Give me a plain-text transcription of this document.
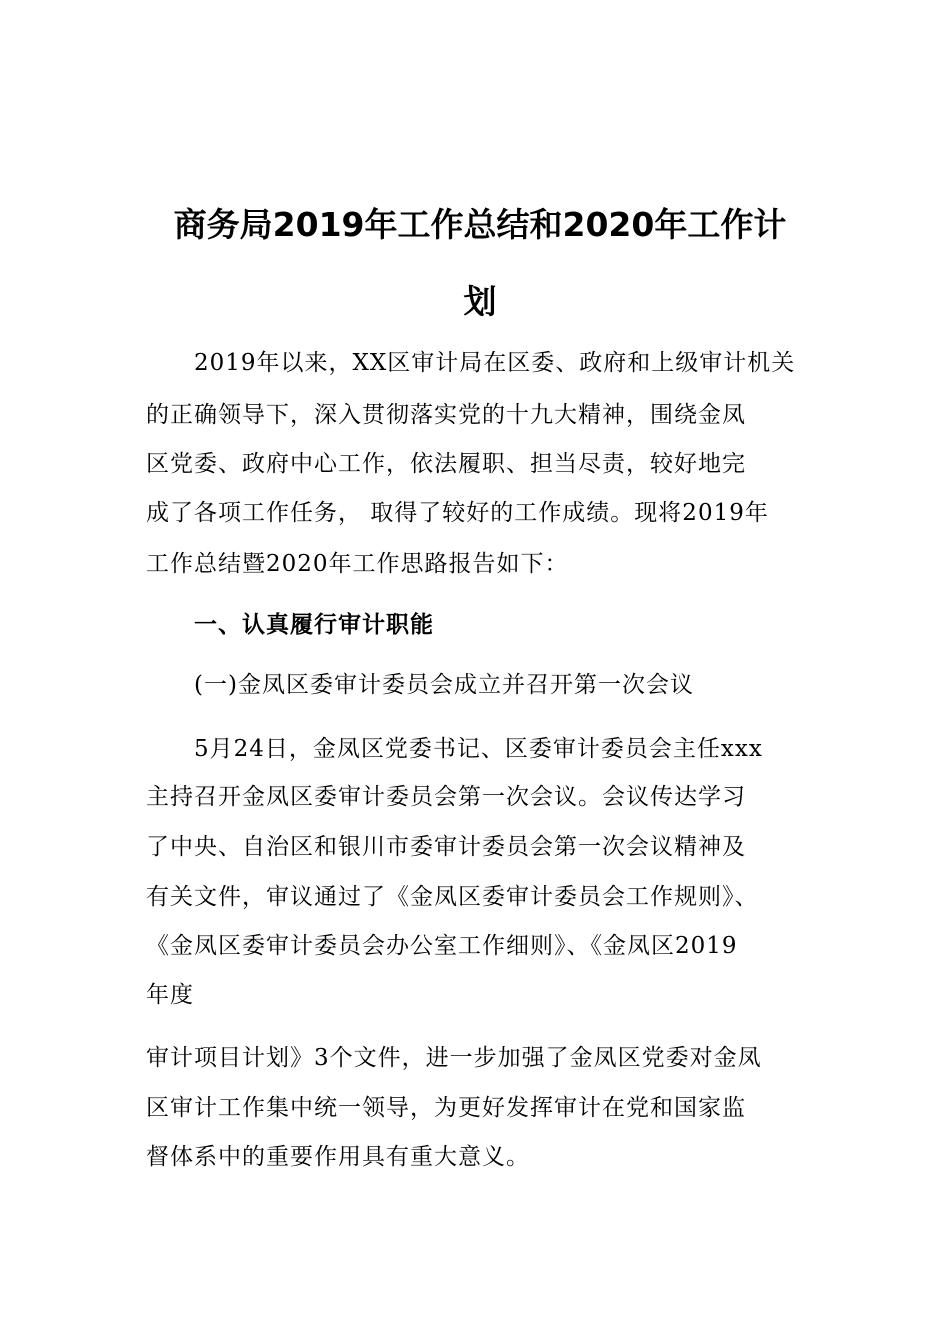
商务局2019年工作总结和2020年工作计
划
2019年以来，XX区审计局在区委、政府和上级审计机关
的正确领导下，深入贯彻落实党的十九大精神，围绕金凤
区党委、政府中心工作，依法履职、担当尽责，较好地完
成了各项工作任务， 取得了较好的工作成绩。现将2019年
工作总结暨2020年工作思路报告如下：
一、认真履行审计职能
(一)金凤区委审计委员会成立并召开第一次会议
5月24日，金凤区党委书记、区委审计委员会主任xxx
主持召开金凤区委审计委员会第一次会议。会议传达学习
了中央、自治区和银川市委审计委员会第一次会议精神及
有关文件，审议通过了《金凤区委审计委员会工作规则》、
《金凤区委审计委员会办公室工作细则》、《金凤区2019
年度
审计项目计划》3个文件，进一步加强了金凤区党委对金凤
区审计工作集中统一领导，为更好发挥审计在党和国家监
督体系中的重要作用具有重大意义。
